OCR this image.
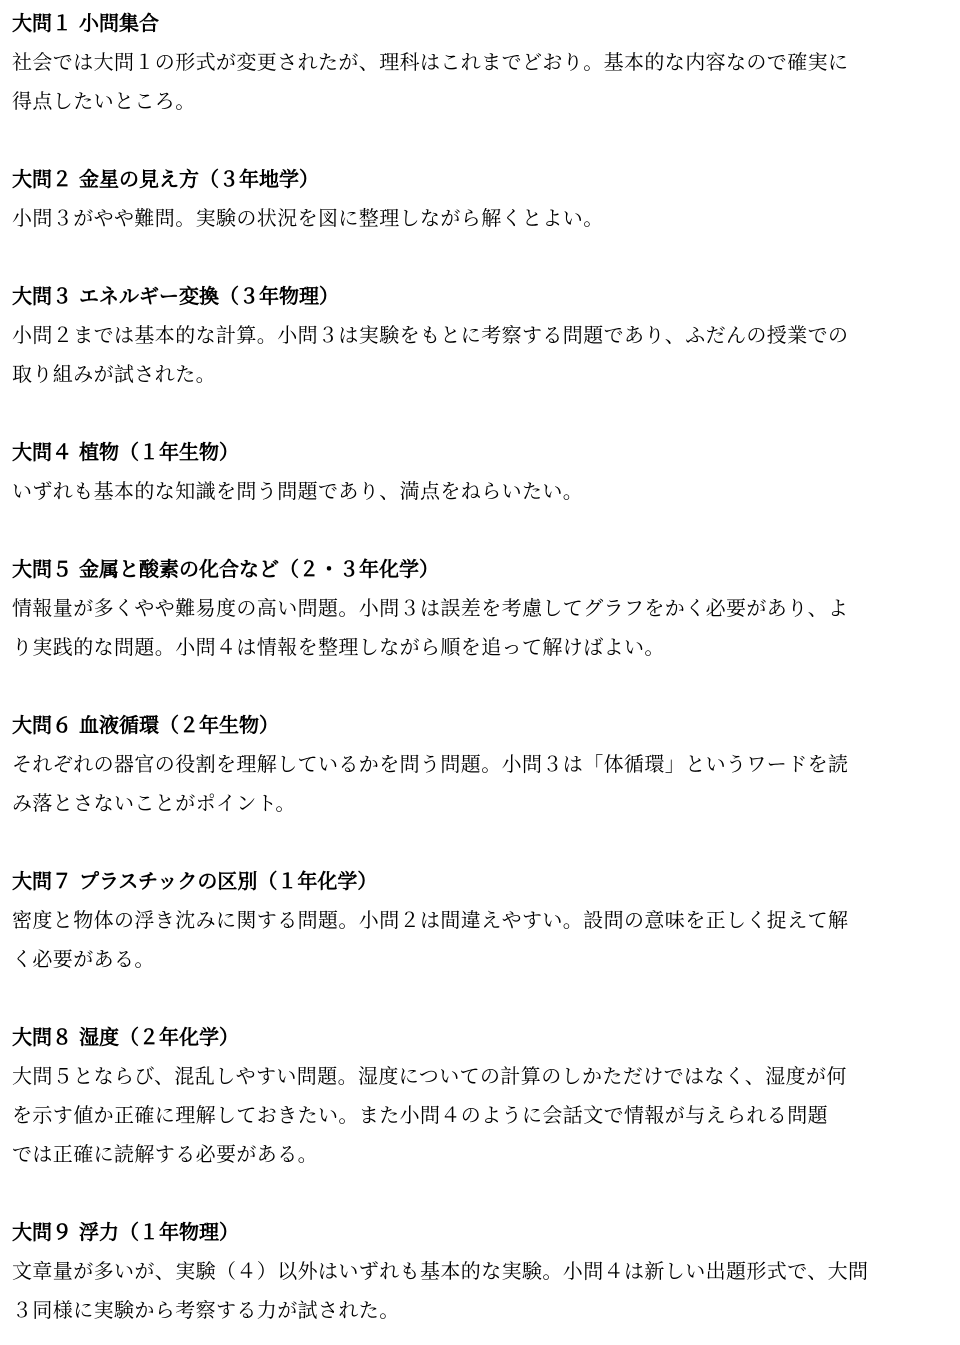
大問１ 小問集合
社会では大問１の形式が変更されたが、理科はこれまでどおり。基本的な内容なので確実に
得点したいところ。
大問２ 金星の見え方（３年地学）
小問３がやや難問。実験の状況を図に整理しながら解くとよい。
大問３ エネルギー変換（３年物理）
小問２までは基本的な計算。小問３は実験をもとに考察する問題であり、ふだんの授業での
取り組みが試された。
大問４ 植物（１年生物）
いずれも基本的な知識を問う問題であり、満点をねらいたい。
大問５ 金属と酸素の化合など（２・３年化学）
情報量が多くやや難易度の高い問題。小問３は誤差を考慮してグラフをかく必要があり、よ
り実践的な問題。小問４は情報を整理しながら順を追って解けばよい。
大問６ 血液循環（２年生物）
それぞれの器官の役割を理解しているかを問う問題。小問３は「体循環」というワードを読
み落とさないことがポイント。
大問７ プラスチックの区別（１年化学）
密度と物体の浮き沈みに関する問題。小問２は間違えやすい。設問の意味を正しく捉えて解
く必要がある。
大問８ 湿度（２年化学）
大問５とならび、混乱しやすい問題。湿度についての計算のしかただけではなく、湿度が何
を示す値か正確に理解しておきたい。また小問４のように会話文で情報が与えられる問題
では正確に読解する必要がある。
大問９ 浮力（１年物理）
文章量が多いが、実験（４）以外はいずれも基本的な実験。小問４は新しい出題形式で、大問
３同様に実験から考察する力が試された。
